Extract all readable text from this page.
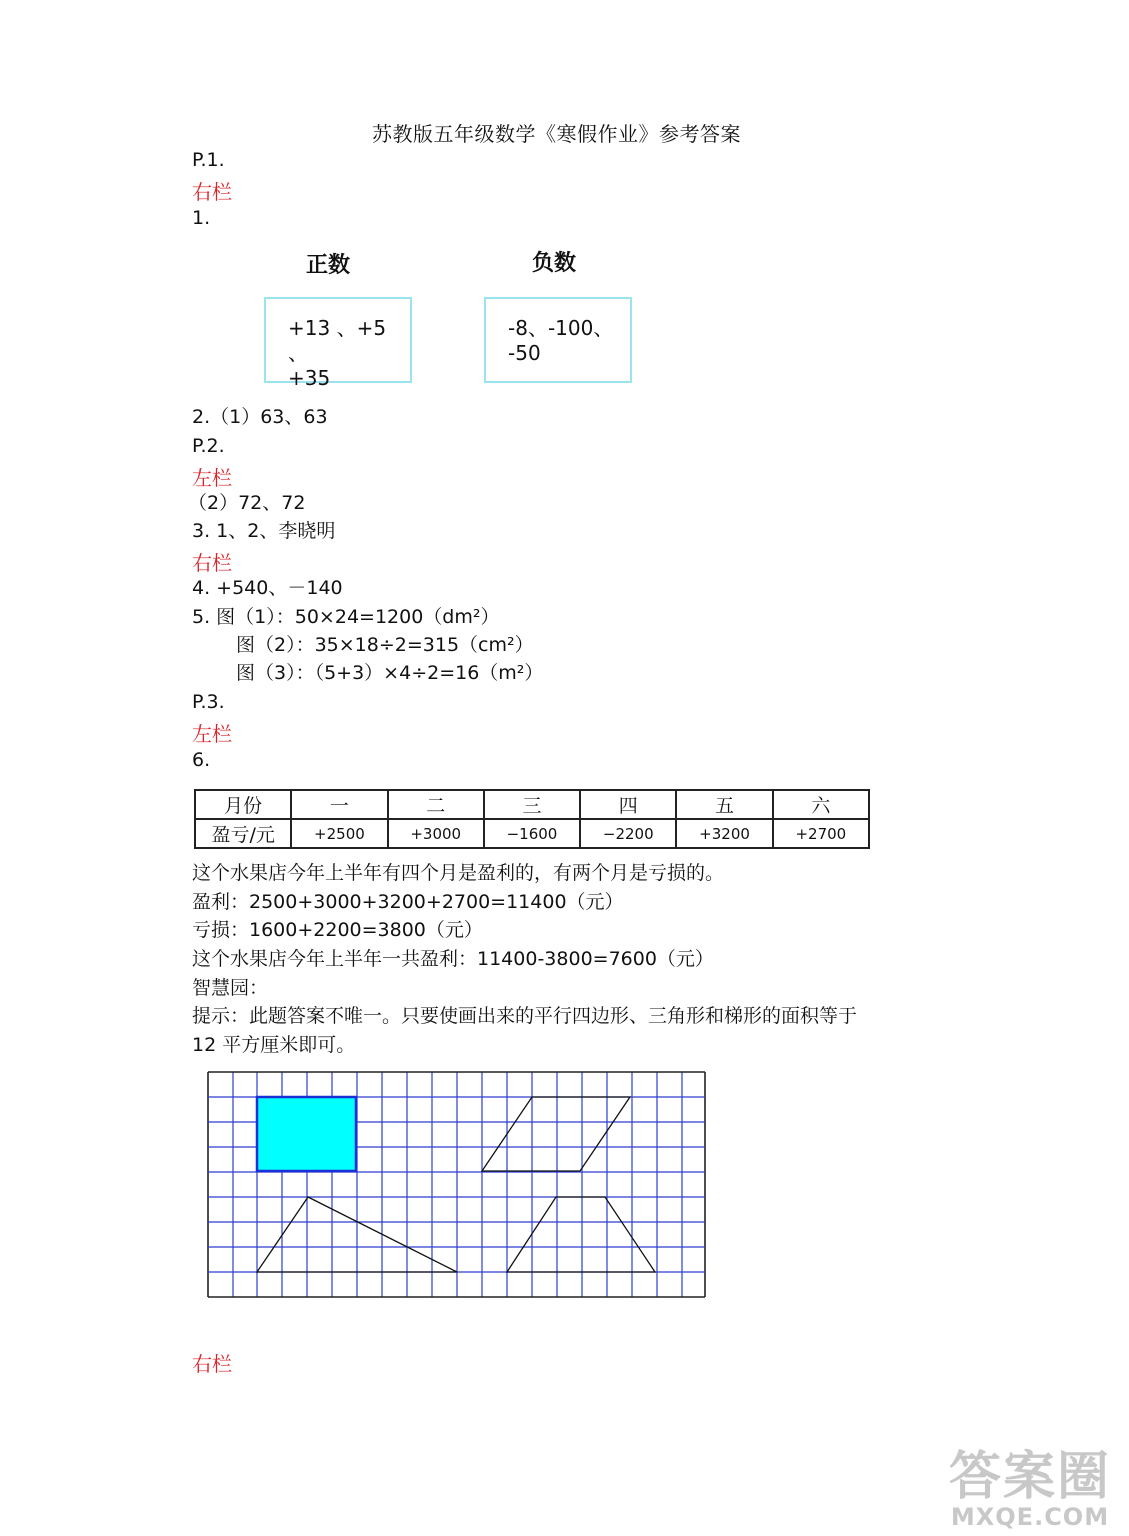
苏教版五年级数学《寒假作业》参考答案
P.1.
右栏
1.
正数	负数
+13 、+5 、
+35
-8、-100、
-50
2.（1）63、63
P.2.
左栏
（2）72、72
3. 1、2、李晓明
右栏
4. +540、－140
5. 图（1）：50×24=1200（dm²）
图（2）：35×18÷2=315（cm²）
图（3）：（5+3）×4÷2=16（m²）
P.3.
左栏
6.
月份	一	二	三	四	五	六
盈亏/元	+2500	+3000	−1600	−2200	+3200	+2700
这个水果店今年上半年有四个月是盈利的，有两个月是亏损的。
盈利：2500+3000+3200+2700=11400（元）
亏损：1600+2200=3800（元）
这个水果店今年上半年一共盈利：11400-3800=7600（元）
智慧园：
提示：此题答案不唯一。只要使画出来的平行四边形、三角形和梯形的面积等于
12 平方厘米即可。
右栏
答案圈
MXQE.COM
